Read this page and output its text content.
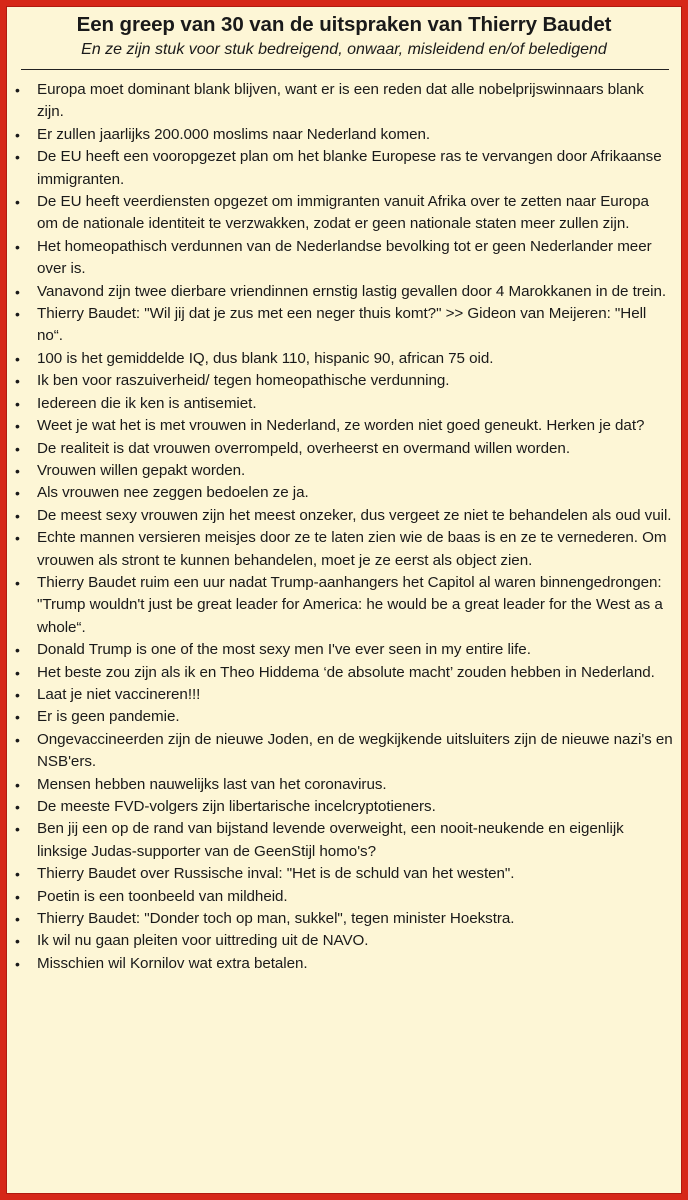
Een greep van 30 van de uitspraken van Thierry Baudet
En ze zijn stuk voor stuk bedreigend, onwaar, misleidend en/of beledigend
• Europa moet dominant blank blijven, want er is een reden dat alle nobelprijswinnaars blank zijn.
• Er zullen jaarlijks 200.000 moslims naar Nederland komen.
• De EU heeft een vooropgezet plan om het blanke Europese ras te vervangen door Afrikaanse immigranten.
• De EU heeft veerdiensten opgezet om immigranten vanuit Afrika over te zetten naar Europa om de nationale identiteit te verzwakken, zodat er geen nationale staten meer zullen zijn.
• Het homeopathisch verdunnen van de Nederlandse bevolking tot er geen Nederlander meer over is.
• Vanavond zijn twee dierbare vriendinnen ernstig lastig gevallen door 4 Marokkanen in de trein.
• Thierry Baudet: "Wil jij dat je zus met een neger thuis komt?" >> Gideon van Meijeren: "Hell no“.
• 100 is het gemiddelde IQ, dus blank 110, hispanic 90, african 75 oid.
• Ik ben voor raszuiverheid/ tegen homeopathische verdunning.
• Iedereen die ik ken is antisemiet.
• Weet je wat het is met vrouwen in Nederland, ze worden niet goed geneukt. Herken je dat?
• De realiteit is dat vrouwen overrompeld, overheerst en overmand willen worden.
• Vrouwen willen gepakt worden.
• Als vrouwen nee zeggen bedoelen ze ja.
• De meest sexy vrouwen zijn het meest onzeker, dus vergeet ze niet te behandelen als oud vuil.
• Echte mannen versieren meisjes door ze te laten zien wie de baas is en ze te vernederen. Om vrouwen als stront te kunnen behandelen, moet je ze eerst als object zien.
• Thierry Baudet ruim een uur nadat Trump-aanhangers het Capitol al waren binnengedrongen: "Trump wouldn't just be great leader for America: he would be a great leader for the West as a whole“.
• Donald Trump is one of the most sexy men I've ever seen in my entire life.
• Het beste zou zijn als ik en Theo Hiddema ‘de absolute macht’ zouden hebben in Nederland.
• Laat je niet vaccineren!!!
• Er is geen pandemie.
• Ongevaccineerden zijn de nieuwe Joden, en de wegkijkende uitsluiters zijn de nieuwe nazi's en NSB'ers.
• Mensen hebben nauwelijks last van het coronavirus.
• De meeste FVD-volgers zijn libertarische incelcryptotieners.
• Ben jij een op de rand van bijstand levende overweight, een nooit-neukende en eigenlijk linksige Judas-supporter van de GeenStijl homo's?
• Thierry Baudet over Russische inval: "Het is de schuld van het westen".
• Poetin is een toonbeeld van mildheid.
• Thierry Baudet: "Donder toch op man, sukkel", tegen minister Hoekstra.
• Ik wil nu gaan pleiten voor uittreding uit de NAVO.
• Misschien wil Kornilov wat extra betalen.
